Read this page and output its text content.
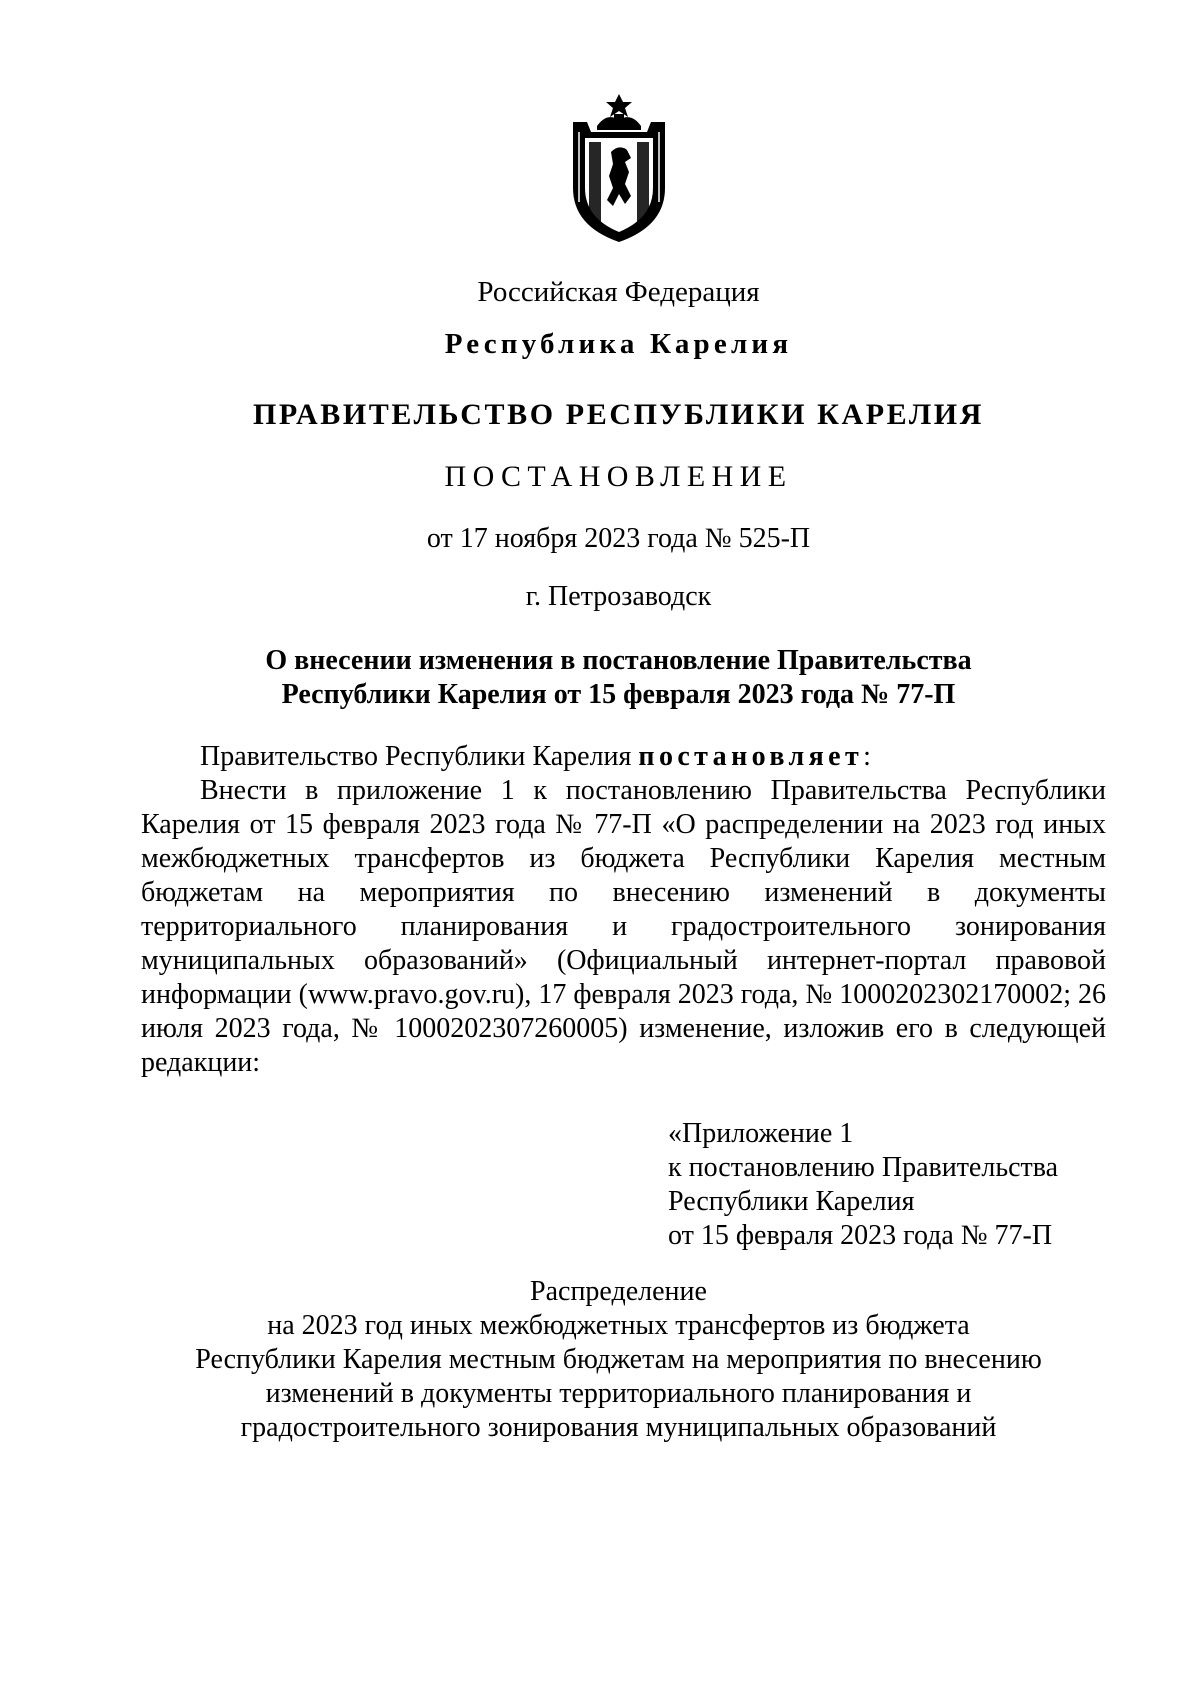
Российская Федерация
Республика Карелия
ПРАВИТЕЛЬСТВО РЕСПУБЛИКИ КАРЕЛИЯ
ПОСТАНОВЛЕНИЕ
от 17 ноября 2023 года № 525-П
г. Петрозаводск
О внесении изменения в постановление Правительства
Республики Карелия от 15 февраля 2023 года № 77-П
Правительство Республики Карелия постановляет:
Внести в приложение 1 к постановлению Правительства Республики Карелия от 15 февраля 2023 года № 77-П «О распределении на 2023 год иных межбюджетных трансфертов из бюджета Республики Карелия местным бюджетам на мероприятия по внесению изменений в документы территориального планирования и градостроительного зонирования муниципальных образований» (Официальный интернет-портал правовой информации (www.pravo.gov.ru), 17 февраля 2023 года, № 1000202302170002; 26 июля 2023 года, № 1000202307260005) изменение, изложив его в следующей редакции:
«Приложение 1
к постановлению Правительства
Республики Карелия
от 15 февраля 2023 года № 77-П
Распределение
на 2023 год иных межбюджетных трансфертов из бюджета
Республики Карелия местным бюджетам на мероприятия по внесению
изменений в документы территориального планирования и
градостроительного зонирования муниципальных образований
